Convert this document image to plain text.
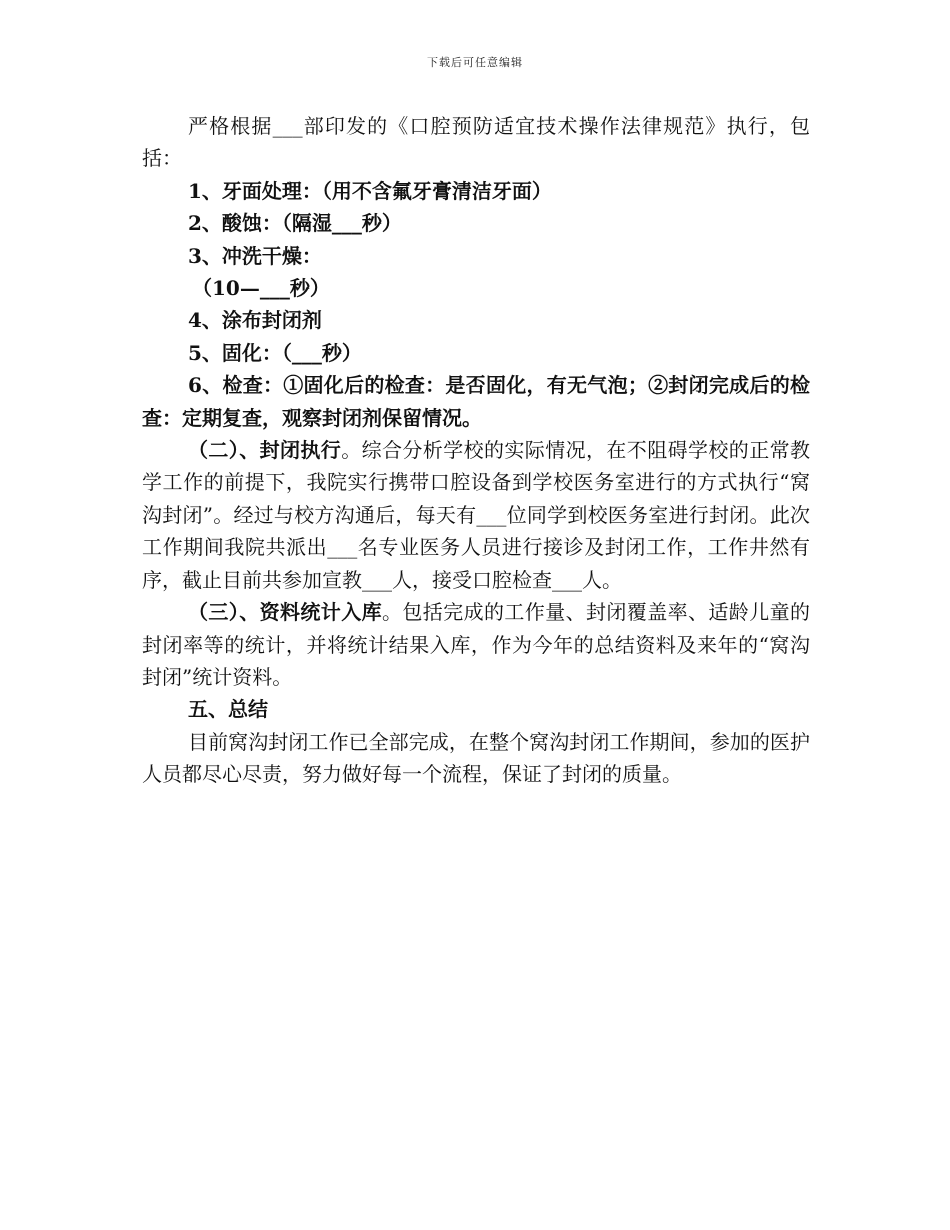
下载后可任意编辑

严格根据___部印发的《口腔预防适宜技术操作法律规范》执行，包括：

1、牙面处理：（用不含氟牙膏清洁牙面）

2、酸蚀：（隔湿___秒）

3、冲洗干燥：

（10—___秒）

4、涂布封闭剂

5、固化：（___秒）

6、检查：①固化后的检查：是否固化，有无气泡；②封闭完成后的检查：定期复查，观察封闭剂保留情况。

（二）、封闭执行。综合分析学校的实际情况，在不阻碍学校的正常教学工作的前提下，我院实行携带口腔设备到学校医务室进行的方式执行“窝沟封闭”。经过与校方沟通后，每天有___位同学到校医务室进行封闭。此次工作期间我院共派出___名专业医务人员进行接诊及封闭工作，工作井然有序，截止目前共参加宣教___人，接受口腔检查___人。

（三）、资料统计入库。包括完成的工作量、封闭覆盖率、适龄儿童的封闭率等的统计，并将统计结果入库，作为今年的总结资料及来年的“窝沟封闭”统计资料。

五、总结

目前窝沟封闭工作已全部完成，在整个窝沟封闭工作期间，参加的医护人员都尽心尽责，努力做好每一个流程，保证了封闭的质量。
